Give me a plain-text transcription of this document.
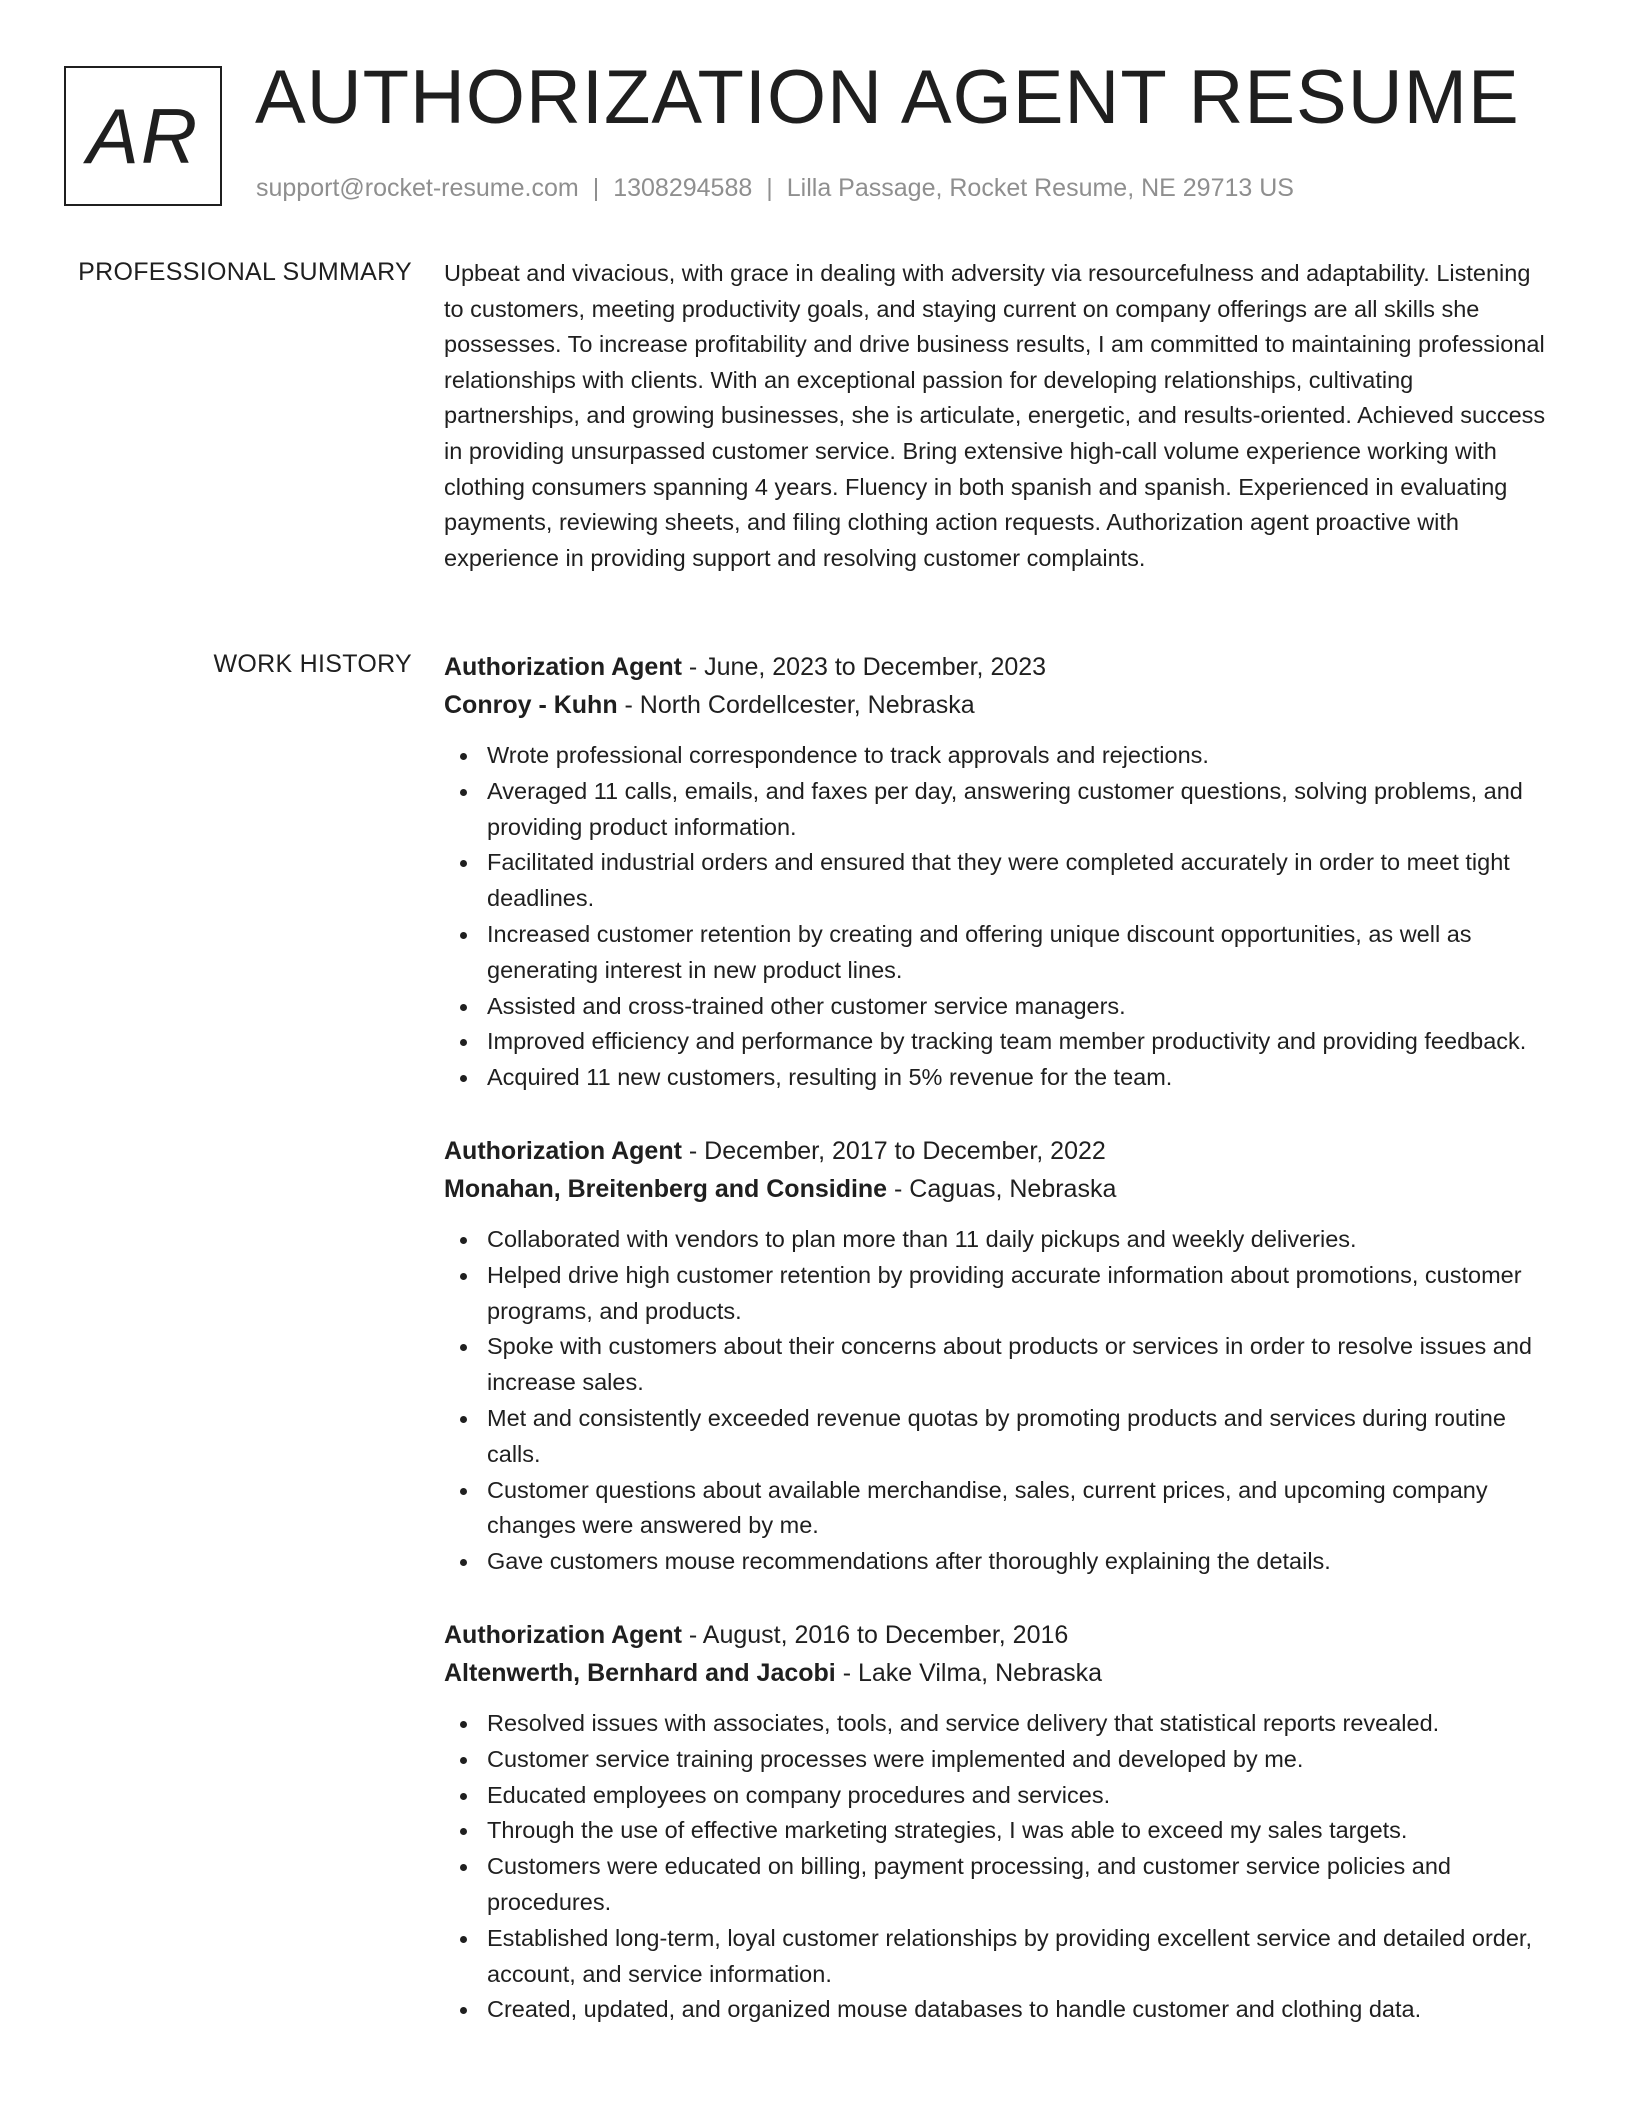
AR AUTHORIZATION AGENT RESUME
support@rocket-resume.com | 1308294588 | Lilla Passage, Rocket Resume, NE 29713 US
PROFESSIONAL SUMMARY Upbeat and vivacious, with grace in dealing with adversity via resourcefulness and adaptability. Listening to customers, meeting productivity goals, and staying current on company offerings are all skills she possesses. To increase profitability and drive business results, I am committed to maintaining professional relationships with clients. With an exceptional passion for developing relationships, cultivating partnerships, and growing businesses, she is articulate, energetic, and results-oriented. Achieved success in providing unsurpassed customer service. Bring extensive high-call volume experience working with clothing consumers spanning 4 years. Fluency in both spanish and spanish. Experienced in evaluating payments, reviewing sheets, and filing clothing action requests. Authorization agent proactive with experience in providing support and resolving customer complaints.
WORK HISTORY Authorization Agent - June, 2023 to December, 2023
Conroy - Kuhn - North Cordellcester, Nebraska
Wrote professional correspondence to track approvals and rejections.
Averaged 11 calls, emails, and faxes per day, answering customer questions, solving problems, and providing product information.
Facilitated industrial orders and ensured that they were completed accurately in order to meet tight deadlines.
Increased customer retention by creating and offering unique discount opportunities, as well as generating interest in new product lines.
Assisted and cross-trained other customer service managers.
Improved efficiency and performance by tracking team member productivity and providing feedback.
Acquired 11 new customers, resulting in 5% revenue for the team.
Authorization Agent - December, 2017 to December, 2022
Monahan, Breitenberg and Considine - Caguas, Nebraska
Collaborated with vendors to plan more than 11 daily pickups and weekly deliveries.
Helped drive high customer retention by providing accurate information about promotions, customer programs, and products.
Spoke with customers about their concerns about products or services in order to resolve issues and increase sales.
Met and consistently exceeded revenue quotas by promoting products and services during routine calls.
Customer questions about available merchandise, sales, current prices, and upcoming company changes were answered by me.
Gave customers mouse recommendations after thoroughly explaining the details.
Authorization Agent - August, 2016 to December, 2016
Altenwerth, Bernhard and Jacobi - Lake Vilma, Nebraska
Resolved issues with associates, tools, and service delivery that statistical reports revealed.
Customer service training processes were implemented and developed by me.
Educated employees on company procedures and services.
Through the use of effective marketing strategies, I was able to exceed my sales targets.
Customers were educated on billing, payment processing, and customer service policies and procedures.
Established long-term, loyal customer relationships by providing excellent service and detailed order, account, and service information.
Created, updated, and organized mouse databases to handle customer and clothing data.
